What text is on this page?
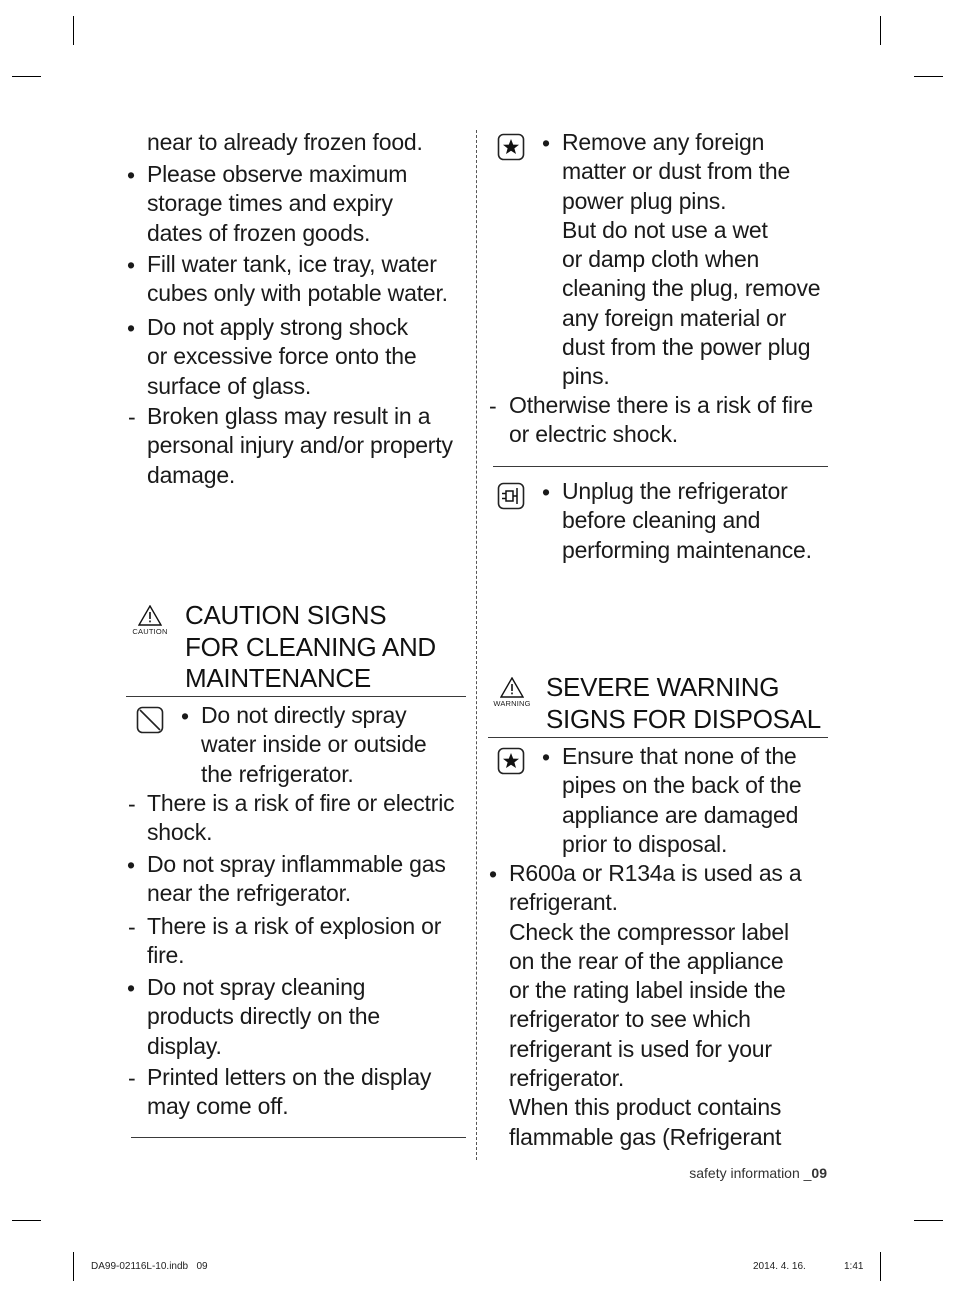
near to already frozen food.
• Please observe maximum
storage times and expiry
dates of frozen goods.
• Fill water tank, ice tray, water
cubes only with potable water.
• Do not apply strong shock
or excessive force onto the
surface of glass.
- Broken glass may result in a
personal injury and/or property
damage.
CAUTION
CAUTION SIGNS
FOR CLEANING AND
MAINTENANCE
• Do not directly spray
water inside or outside
the refrigerator.
- There is a risk of fire or electric
shock.
• Do not spray inflammable gas
near the refrigerator.
- There is a risk of explosion or
fire.
• Do not spray cleaning
products directly on the
display.
- Printed letters on the display
may come off.
• Remove any foreign
matter or dust from the
power plug pins.
But do not use a wet
or damp cloth when
cleaning the plug, remove
any foreign material or
dust from the power plug
pins.
- Otherwise there is a risk of fire
or electric shock.
• Unplug the refrigerator
before cleaning and
performing maintenance.
WARNING
SEVERE WARNING
SIGNS FOR DISPOSAL
• Ensure that none of the
pipes on the back of the
appliance are damaged
prior to disposal.
• R600a or R134a is used as a
refrigerant.
Check the compressor label
on the rear of the appliance
or the rating label inside the
refrigerator to see which
refrigerant is used for your
refrigerator.
When this product contains
flammable gas (Refrigerant
safety information _09
DA99-02116L-10.indb   09	2014. 4. 16.	1:41
